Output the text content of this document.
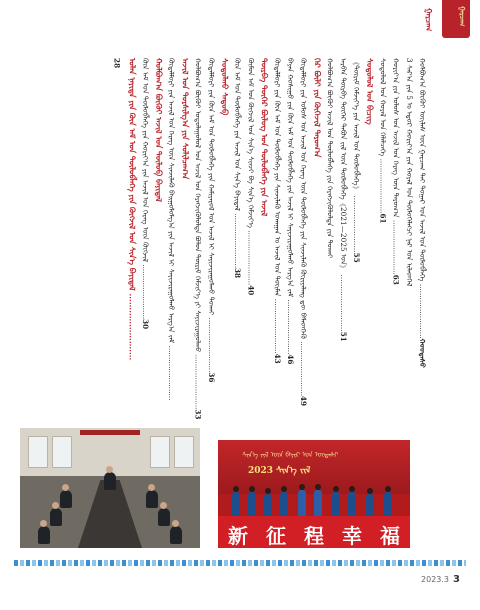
ᠭᠠᠷᠴᠠᠭ
ᠭᠠᠷᠴᠠᠭ
ᠬᠣᠯᠪᠣᠭ᠎ᠠ ᠪᠦᠬᠦᠢ ᠦᠢᠯᠡᠰ ᠦᠨ ᠭᠠᠷᠴᠠᠭ ᠲᠠᠢ ᠳᠤᠭᠠᠷ ᠤᠨ ᠠᠵᠢᠯ ᠤᠨ ᠲᠥᠯᠥᠪᠯᠡᠭᠡ ........................ᠬᠤᠤᠳᠠᠰᠤ
3 ᠰᠠᠷ᠎ᠠ ᠶᠢᠨ 5 ᠤ ᠡᠳᠦᠷ ᠬᠣᠷᠢᠶ᠎ᠠ ᠶᠢᠨ ᠬᠤᠷᠠᠯ ᠤᠨ ᠲᠥᠯᠥᠭᠡᠯᠡᠭᠴᠢ ᠨᠠᠷ ᠤᠨ ᠢᠯᠡᠳᠬᠡᠯ
ᠬᠣᠷᠢᠶ᠎ᠠ ᠶᠢᠨ ᠤᠯᠤᠰ ᠤᠨ ᠠᠵᠢᠯ ᠤᠨ ᠬᠡᠷᠡᠭ ᠦᠨ ᠳᠠᠷᠤᠭ᠎ᠠ ........................63
ᠰᠤᠳᠤᠯᠤᠯ ᠤᠨ ᠬᠤᠷᠠᠯ ᠤᠨ ᠬᠡᠯᠡᠯᠴᠡᠭᠡ ........................61
ᠰᠤᠳᠤᠯᠤᠯ ᠤᠨ ᠪᠢᠴᠢᠭ
《ᠳᠦᠷᠢᠮ ᠬᠡᠮᠵᠢᠶ᠎ᠡ ᠶᠢᠨ ᠠᠵᠢᠯ ᠤᠨ ᠲᠥᠯᠥᠪᠯᠡᠭᠡ》 ........................55
ᠠᠷᠪᠠᠨ ᠳᠥᠷᠪᠡ ᠳᠦᠭᠡᠷ ᠲᠠᠪᠤᠨ ᠵᠢᠯ ᠦᠨ ᠲᠥᠯᠥᠪᠯᠡᠭᠡ《2021—2025 ᠣᠨ》 ........................51
ᠬᠣᠯᠪᠣᠭ᠎ᠠ ᠪᠦᠬᠦᠢ ᠠᠵᠢᠯ ᠤᠨ ᠲᠥᠯᠥᠪᠯᠡᠭᠡ ᠶᠢᠨ ᠬᠡᠷᠡᠭᠵᠢᠭᠦᠯᠦᠯᠲᠡ ᠶᠢᠨ ᠲᠤᠬᠠᠢ
ᠭᠡᠷ ᠪᠦᠯᠢ ᠶᠢᠨ ᠬᠥᠬᠡᠵᠢᠯ ᠳᠠᠷᠤᠭ᠎ᠠ
ᠬᠥᠳᠡᠯᠮᠦᠷᠢ ᠶᠢᠨ ᠤᠯᠤᠰ ᠤᠨ ᠠᠵᠢᠯ ᠤᠨ ᠬᠡᠷᠡᠭ ᠦᠨ ᠲᠥᠯᠥᠪᠯᠡᠭᠡ ᠶᠢᠨ ᠰᠢᠨᠵᠢᠯᠡᠬᠦ ᠬᠦᠷᠢᠶᠡᠯᠡᠩ ᠳᠦ ᠪᠡᠯᠡᠳᠬᠡᠬᠦ ........................49
ᠪᠠᠶᠠᠨ ᠬᠣᠰᠢᠭᠤ ᠶᠢᠨ ᠬᠦᠨ ᠠᠮ ᠤᠨ ᠲᠥᠯᠥᠪᠯᠡᠭᠡ ᠶᠢᠨ ᠠᠵᠢᠯ ᠢ ᠰᠠᠶᠢᠵᠢᠷᠠᠭᠤᠯᠬᠤ ᠠᠷᠭ᠎ᠠ ᠵᠠᠮ ........................46
ᠬᠥᠳᠡᠯᠮᠦᠷᠢ ᠶᠢᠨ ᠬᠦᠨ ᠠᠮ ᠤᠨ ᠲᠥᠯᠥᠪᠯᠡᠭᠡ ᠶᠢᠨ ᠰᠢᠨᠵᠢᠯᠡᠬᠦ ᠤᠬᠠᠭᠠᠨ ᠤ ᠠᠵᠢᠯ ᠤᠨ ᠲᠦᠢᠮᠡᠨ ........................43
ᠳᠥᠷᠪᠡ ᠳᠦᠭᠡᠷ ᠪᠦᠯᠦᠭ ᠤᠨ ᠲᠥᠯᠥᠪᠯᠡᠭᠡ ᠶᠢᠨ ᠠᠵᠢᠯ
ᠬᠦᠮᠦᠨ ᠠᠮ ᠤᠨ ᠬᠥᠭᠵᠢᠯ ᠤᠨ ᠰᠢᠨ᠎ᠡ ᠰᠢᠨᠵᠢ ᠪᠠ ᠰᠢᠨ᠎ᠡ ᠬᠡᠮᠵᠢᠶ᠎ᠡ ........................40
ᠬᠦᠨ ᠠᠮ ᠤᠨ ᠲᠥᠯᠥᠪᠯᠡᠭᠡ ᠶᠢᠨ ᠠᠵᠢᠯ ᠤᠨ ᠰᠢᠨ᠎ᠡ ᠪᠠᠶᠢᠳᠠᠯ ........................38
ᠰᠤᠳᠤᠯᠬᠤ ᠰᠡᠳᠦᠪ
ᠬᠥᠳᠡᠯᠮᠦᠷᠢ ᠶᠢᠨ ᠬᠦᠨ ᠠᠮ ᠤᠨ ᠲᠥᠯᠥᠪᠯᠡᠭᠡ ᠶᠢᠨ ᠬᠠᠮᠢᠶᠠᠷᠤᠯ ᠤᠨ ᠠᠵᠢᠯ ᠢ ᠰᠠᠶᠢᠵᠢᠷᠠᠭᠤᠯᠬᠤ ᠲᠤᠬᠠᠢ ........................36
ᠬᠣᠯᠪᠣᠭ᠎ᠠ ᠪᠦᠬᠦᠢ ᠣᠳᠣᠯᠠᠭᠤᠯᠤᠯ ᠤᠨ ᠠᠵᠢᠯ ᠤᠨ ᠬᠡᠷᠡᠭᠵᠢᠭᠦᠯᠦᠯᠲᠡ ᠪᠤᠯᠤᠨ ᠳᠦᠷᠢᠮ ᠬᠡᠮᠵᠢᠶ᠎ᠡ ᠶᠢ ᠰᠠᠶᠢᠵᠢᠷᠠᠭᠤᠯᠬᠤ ........................33
ᠠᠵᠢᠯ ᠤᠨ ᠲᠤᠷᠰᠢᠯᠭ᠎ᠠ ᠶᠢᠨ ᠰᠤᠯᠢᠯᠴᠠᠭ᠎ᠠ
ᠬᠥᠳᠡᠯᠮᠦᠷᠢ ᠶᠢᠨ ᠠᠵᠢᠯ ᠤᠨ ᠬᠡᠷᠡᠭ ᠦᠨ ᠰᠢᠨᠵᠢᠯᠡᠬᠦ ᠪᠠᠢᠭᠤᠯᠤᠯᠭ᠎ᠠ ᠶᠢᠨ ᠠᠵᠢᠯ ᠢ ᠰᠠᠶᠢᠵᠢᠷᠠᠭᠤᠯᠬᠤ ᠠᠷᠭ᠎ᠠ ᠵᠠᠮ ........................
ᠬᠣᠯᠪᠣᠭ᠎ᠠ ᠪᠦᠬᠦᠢ ᠠᠵᠢᠯ ᠤᠨ ᠲᠥᠯᠥᠪ ᠪᠠᠶᠢᠳᠠᠯ
ᠬᠦᠨ ᠠᠮ ᠤᠨ ᠲᠥᠯᠥᠪᠯᠡᠭᠡ ᠶᠢᠨ ᠬᠣᠷᠢᠶ᠎ᠠ ᠶᠢᠨ ᠠᠵᠢᠯ ᠤᠨ ᠬᠡᠷᠡᠭ ᠦᠨ ᠬᠥᠭᠵᠢᠯ ........................30
ᠣᠯᠠᠨ ᠨᠡᠶᠢᠲᠡ ᠶᠢᠨ ᠬᠦᠨ ᠠᠮ ᠤᠨ ᠲᠥᠯᠥᠪᠯᠡᠭᠡ ᠶᠢᠨ ᠬᠥᠭᠵᠢᠯ ᠤᠨ ᠰᠢᠨ᠎ᠡ ᠪᠠᠶᠢᠳᠠᠯ ........................
28
ᠰᠢᠨ᠎ᠡ ᠵᠢᠯ ᠦᠨ ᠪᠠᠶᠢᠷ ᠤᠨ ᠦᠳᠡᠰᠢ
2023 ᠰᠢᠨ᠎ᠡ ᠵᠢᠯ
新 征 程 幸 福
2023.3 3
